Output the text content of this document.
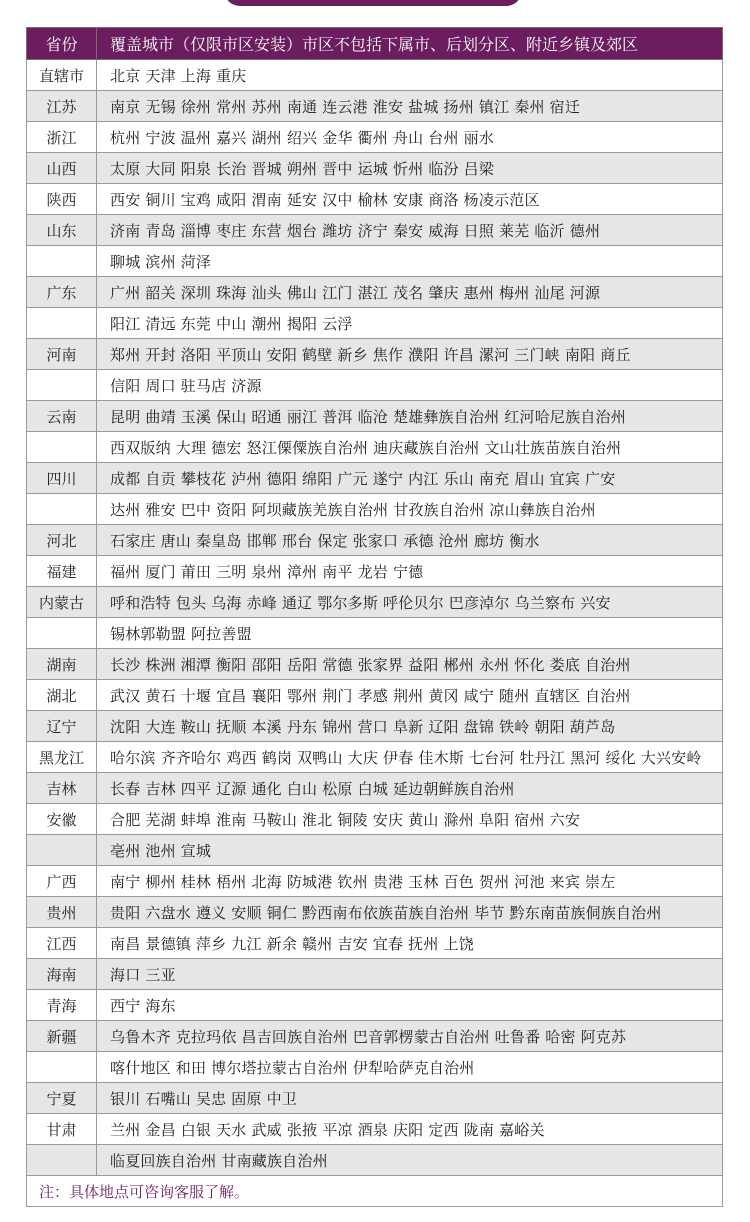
省份	覆盖城市（仅限市区安装）市区不包括下属市、后划分区、附近乡镇及郊区
直辖市	北京 天津 上海 重庆
江苏	南京 无锡 徐州 常州 苏州 南通 连云港 淮安 盐城 扬州 镇江 秦州 宿迁
浙江	杭州 宁波 温州 嘉兴 湖州 绍兴 金华 衢州 舟山 台州 丽水
山西	太原 大同 阳泉 长治 晋城 朔州 晋中 运城 忻州 临汾 吕梁
陕西	西安 铜川 宝鸡 咸阳 渭南 延安 汉中 榆林 安康 商洛 杨凌示范区
山东	济南 青岛 淄博 枣庄 东营 烟台 潍坊 济宁 秦安 威海 日照 莱芜 临沂 德州
	聊城 滨州 菏泽
广东	广州 韶关 深圳 珠海 汕头 佛山 江门 湛江 茂名 肇庆 惠州 梅州 汕尾 河源
	阳江 清远 东莞 中山 潮州 揭阳 云浮
河南	郑州 开封 洛阳 平顶山 安阳 鹤壁 新乡 焦作 濮阳 许昌 漯河 三门峡 南阳 商丘
	信阳 周口 驻马店 济源
云南	昆明 曲靖 玉溪 保山 昭通 丽江 普洱 临沧 楚雄彝族自治州 红河哈尼族自治州
	西双版纳 大理 德宏 怒江傈僳族自治州 迪庆藏族自治州 文山壮族苗族自治州
四川	成都 自贡 攀枝花 泸州 德阳 绵阳 广元 遂宁 内江 乐山 南充 眉山 宜宾 广安
	达州 雅安 巴中 资阳 阿坝藏族羌族自治州 甘孜族自治州 凉山彝族自治州
河北	石家庄 唐山 秦皇岛 邯郸 邢台 保定 张家口 承德 沧州 廊坊 衡水
福建	福州 厦门 莆田 三明 泉州 漳州 南平 龙岩 宁德
内蒙古	呼和浩特 包头 乌海 赤峰 通辽 鄂尔多斯 呼伦贝尔 巴彦淖尔 乌兰察布 兴安
	锡林郭勒盟 阿拉善盟
湖南	长沙 株洲 湘潭 衡阳 邵阳 岳阳 常德 张家界 益阳 郴州 永州 怀化 娄底 自治州
湖北	武汉 黄石 十堰 宜昌 襄阳 鄂州 荆门 孝感 荆州 黄冈 咸宁 随州 直辖区 自治州
辽宁	沈阳 大连 鞍山 抚顺 本溪 丹东 锦州 营口 阜新 辽阳 盘锦 铁岭 朝阳 葫芦岛
黑龙江	哈尔滨 齐齐哈尔 鸡西 鹤岗 双鸭山 大庆 伊春 佳木斯 七台河 牡丹江 黑河 绥化 大兴安岭
吉林	长春 吉林 四平 辽源 通化 白山 松原 白城 延边朝鲜族自治州
安徽	合肥 芜湖 蚌埠 淮南 马鞍山 淮北 铜陵 安庆 黄山 滁州 阜阳 宿州 六安
	亳州 池州 宣城
广西	南宁 柳州 桂林 梧州 北海 防城港 钦州 贵港 玉林 百色 贺州 河池 来宾 崇左
贵州	贵阳 六盘水 遵义 安顺 铜仁 黔西南布依族苗族自治州 毕节 黔东南苗族侗族自治州
江西	南昌 景德镇 萍乡 九江 新余 赣州 吉安 宜春 抚州 上饶
海南	海口 三亚
青海	西宁 海东
新疆	乌鲁木齐 克拉玛依 昌吉回族自治州 巴音郭楞蒙古自治州 吐鲁番 哈密 阿克苏
	喀什地区 和田 博尔塔拉蒙古自治州 伊犁哈萨克自治州
宁夏	银川 石嘴山 吴忠 固原 中卫
甘肃	兰州 金昌 白银 天水 武威 张掖 平凉 酒泉 庆阳 定西 陇南 嘉峪关
	临夏回族自治州 甘南藏族自治州
注：具体地点可咨询客服了解。	
